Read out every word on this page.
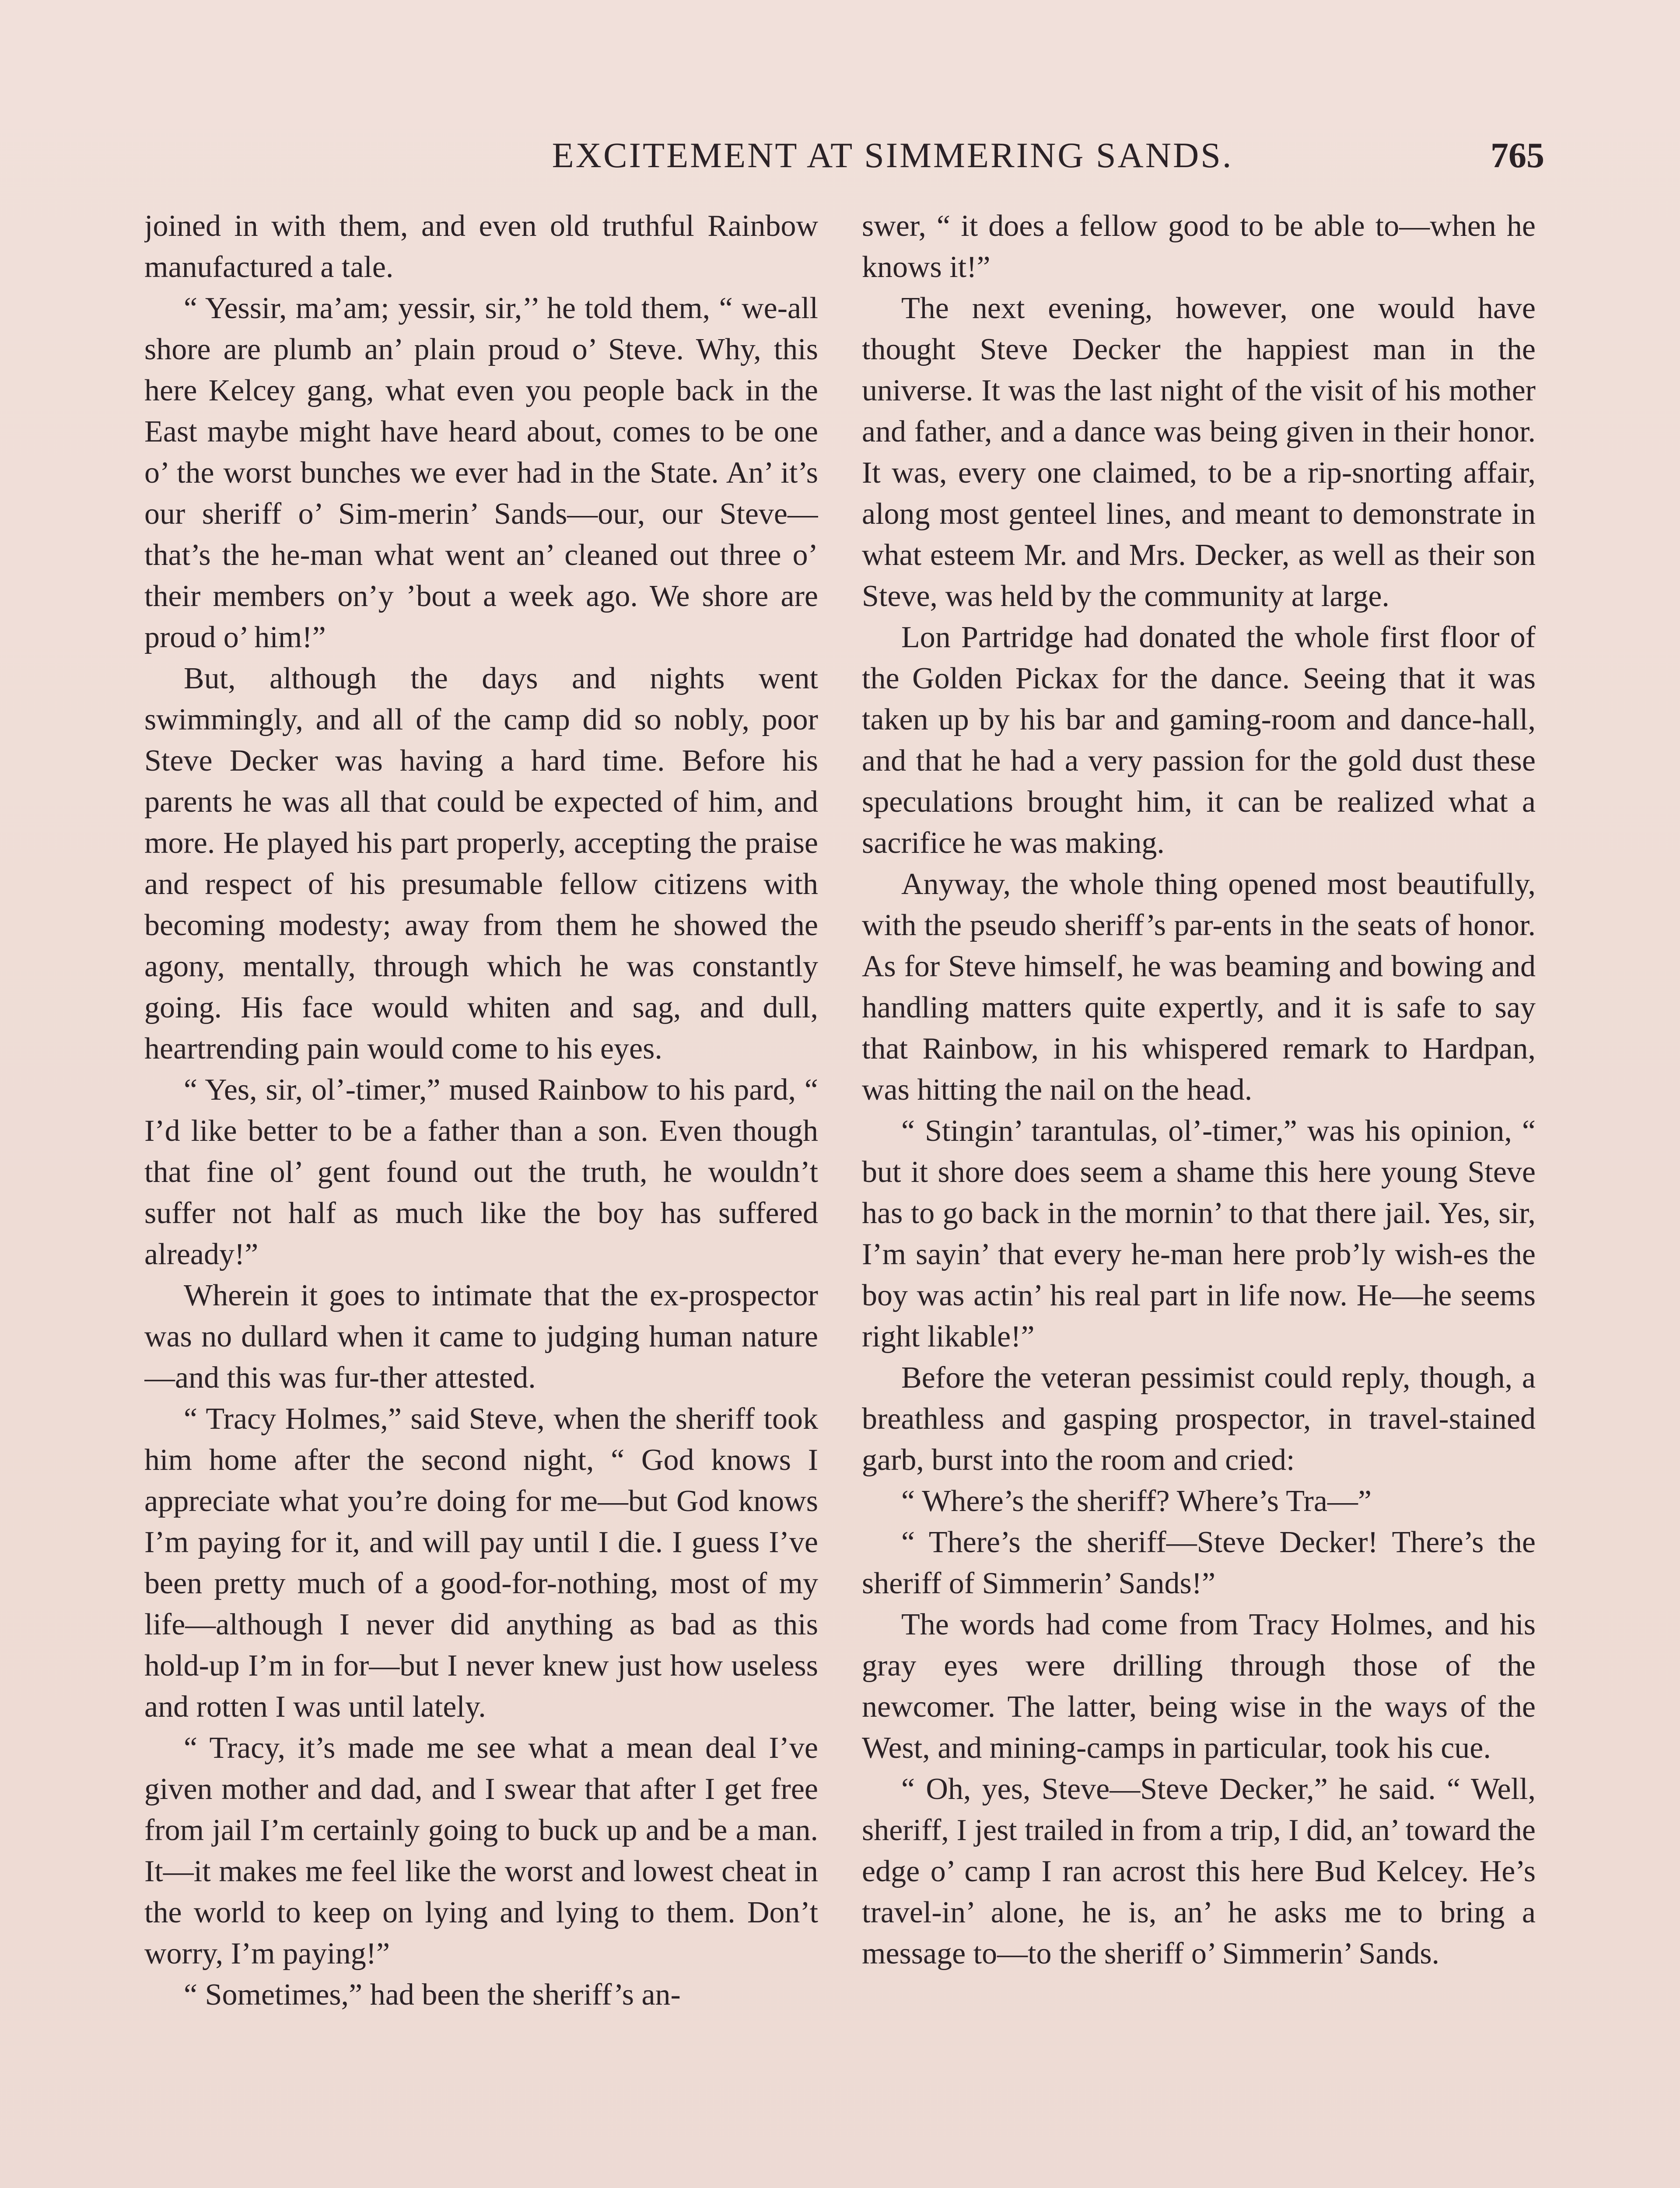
EXCITEMENT AT SIMMERING SANDS.	765

joined in with them, and even old truthful Rainbow manufactured a tale.

“ Yessir, ma’am; yessir, sir,’’ he told them, “ we-all shore are plumb an’ plain proud o’ Steve. Why, this here Kelcey gang, what even you people back in the East maybe might have heard about, comes to be one o’ the worst bunches we ever had in the State. An’ it’s our sheriff o’ Sim-merin’ Sands—our, our Steve—that’s the he-man what went an’ cleaned out three o’ their members on’y ’bout a week ago. We shore are proud o’ him!”

But, although the days and nights went swimmingly, and all of the camp did so nobly, poor Steve Decker was having a hard time. Before his parents he was all that could be expected of him, and more. He played his part properly, accepting the praise and respect of his presumable fellow citizens with becoming modesty; away from them he showed the agony, mentally, through which he was constantly going. His face would whiten and sag, and dull, heartrending pain would come to his eyes.

“ Yes, sir, ol’-timer,” mused Rainbow to his pard, “ I’d like better to be a father than a son. Even though that fine ol’ gent found out the truth, he wouldn’t suffer not half as much like the boy has suffered already!”

Wherein it goes to intimate that the ex-prospector was no dullard when it came to judging human nature—and this was fur-ther attested.

“ Tracy Holmes,” said Steve, when the sheriff took him home after the second night, “ God knows I appreciate what you’re doing for me—but God knows I’m paying for it, and will pay until I die. I guess I’ve been pretty much of a good-for-nothing, most of my life—although I never did anything as bad as this hold-up I’m in for—but I never knew just how useless and rotten I was until lately.

“ Tracy, it’s made me see what a mean deal I’ve given mother and dad, and I swear that after I get free from jail I’m certainly going to buck up and be a man. It—it makes me feel like the worst and lowest cheat in the world to keep on lying and lying to them. Don’t worry, I’m paying!”

“ Sometimes,” had been the sheriff’s an-

swer, “ it does a fellow good to be able to—when he knows it!”

The next evening, however, one would have thought Steve Decker the happiest man in the universe. It was the last night of the visit of his mother and father, and a dance was being given in their honor. It was, every one claimed, to be a rip-snorting affair, along most genteel lines, and meant to demonstrate in what esteem Mr. and Mrs. Decker, as well as their son Steve, was held by the community at large.

Lon Partridge had donated the whole first floor of the Golden Pickax for the dance. Seeing that it was taken up by his bar and gaming-room and dance-hall, and that he had a very passion for the gold dust these speculations brought him, it can be realized what a sacrifice he was making.

Anyway, the whole thing opened most beautifully, with the pseudo sheriff’s par-ents in the seats of honor. As for Steve himself, he was beaming and bowing and handling matters quite expertly, and it is safe to say that Rainbow, in his whispered remark to Hardpan, was hitting the nail on the head.

“ Stingin’ tarantulas, ol’-timer,” was his opinion, “ but it shore does seem a shame this here young Steve has to go back in the mornin’ to that there jail. Yes, sir, I’m sayin’ that every he-man here prob’ly wish-es the boy was actin’ his real part in life now. He—he seems right likable!”

Before the veteran pessimist could reply, though, a breathless and gasping prospector, in travel-stained garb, burst into the room and cried:

“ Where’s the sheriff? Where’s Tra—”

“ There’s the sheriff—Steve Decker! There’s the sheriff of Simmerin’ Sands!”

The words had come from Tracy Holmes, and his gray eyes were drilling through those of the newcomer. The latter, being wise in the ways of the West, and mining-camps in particular, took his cue.

“ Oh, yes, Steve—Steve Decker,” he said. “ Well, sheriff, I jest trailed in from a trip, I did, an’ toward the edge o’ camp I ran acrost this here Bud Kelcey. He’s travel-in’ alone, he is, an’ he asks me to bring a message to—to the sheriff o’ Simmerin’ Sands.
